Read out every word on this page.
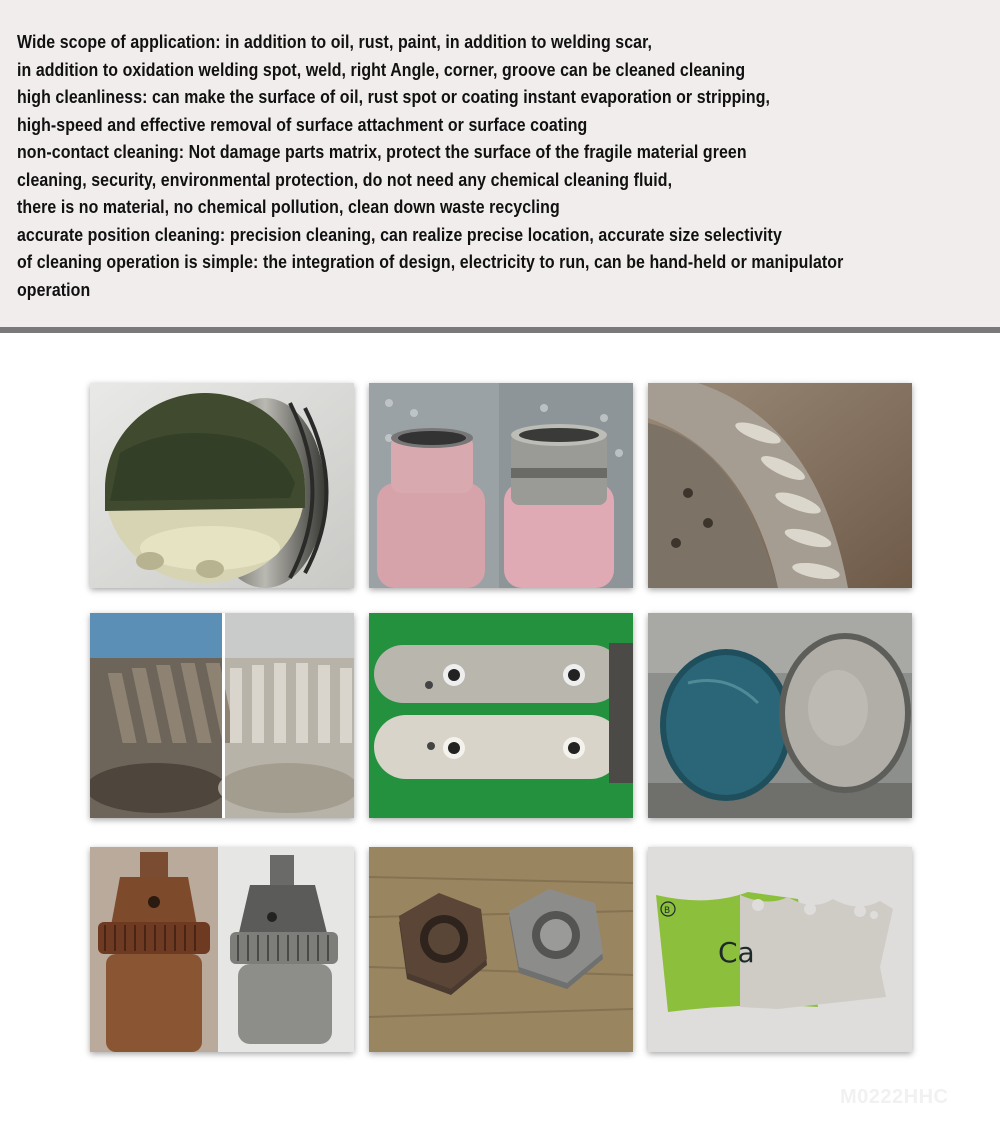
Wide scope of application: in addition to oil, rust, paint, in addition to welding scar,
in addition to oxidation welding spot, weld, right Angle, corner, groove can be cleaned cleaning
high cleanliness: can make the surface of oil, rust spot or coating instant evaporation or stripping,
high-speed and effective removal of surface attachment or surface coating
non-contact cleaning: Not damage parts matrix, protect the surface of the fragile material green
cleaning, security, environmental protection, do not need any chemical cleaning fluid,
there is no material, no chemical pollution, clean down waste recycling
accurate position cleaning: precision cleaning, can realize precise location, accurate size selectivity
of cleaning operation is simple: the integration of design, electricity to run, can be hand-held or manipulator
operation
Ca
B
M0222HHC
